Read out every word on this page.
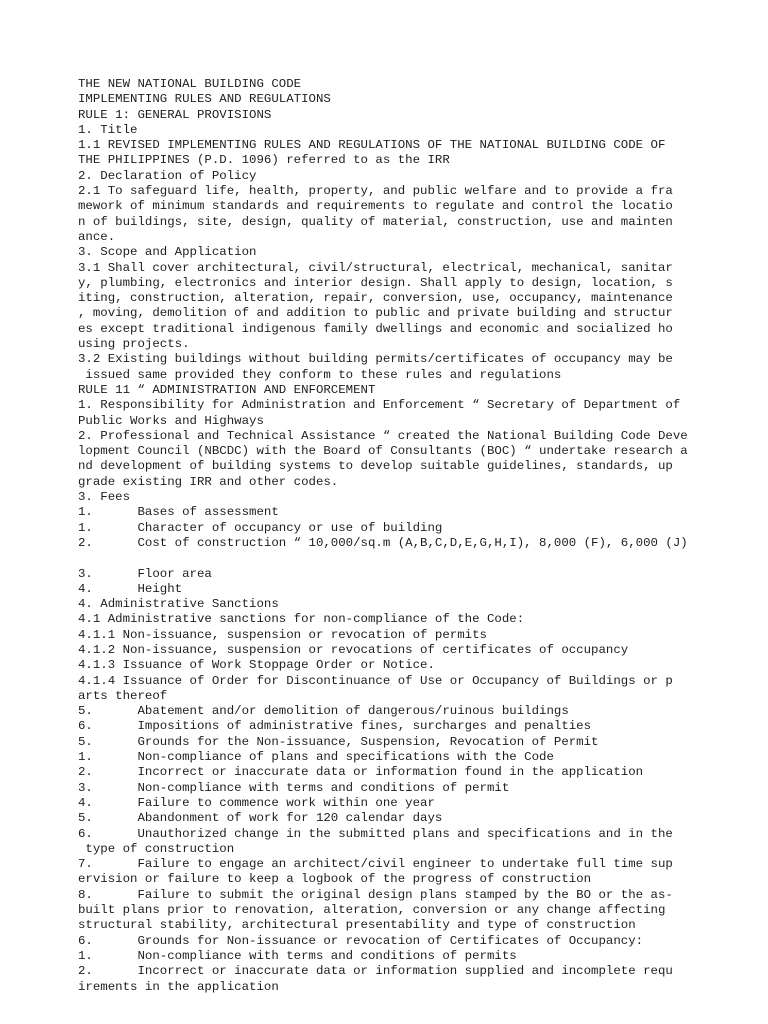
THE NEW NATIONAL BUILDING CODE
IMPLEMENTING RULES AND REGULATIONS
RULE 1: GENERAL PROVISIONS
1. Title
1.1 REVISED IMPLEMENTING RULES AND REGULATIONS OF THE NATIONAL BUILDING CODE OF
THE PHILIPPINES (P.D. 1096) referred to as the IRR
2. Declaration of Policy
2.1 To safeguard life, health, property, and public welfare and to provide a fra
mework of minimum standards and requirements to regulate and control the locatio
n of buildings, site, design, quality of material, construction, use and mainten
ance.
3. Scope and Application
3.1 Shall cover architectural, civil/structural, electrical, mechanical, sanitar
y, plumbing, electronics and interior design. Shall apply to design, location, s
iting, construction, alteration, repair, conversion, use, occupancy, maintenance
, moving, demolition of and addition to public and private building and structur
es except traditional indigenous family dwellings and economic and socialized ho
using projects.
3.2 Existing buildings without building permits/certificates of occupancy may be
issued same provided they conform to these rules and regulations
RULE 11 “ ADMINISTRATION AND ENFORCEMENT
1. Responsibility for Administration and Enforcement “ Secretary of Department of
Public Works and Highways
2. Professional and Technical Assistance “ created the National Building Code Deve
lopment Council (NBCDC) with the Board of Consultants (BOC) “ undertake research a
nd development of building systems to develop suitable guidelines, standards, up
grade existing IRR and other codes.
3. Fees
1.      Bases of assessment
1.      Character of occupancy or use of building
2.      Cost of construction “ 10,000/sq.m (A,B,C,D,E,G,H,I), 8,000 (F), 6,000 (J)
3.      Floor area
4.      Height
4. Administrative Sanctions
4.1 Administrative sanctions for non-compliance of the Code:
4.1.1 Non-issuance, suspension or revocation of permits
4.1.2 Non-issuance, suspension or revocations of certificates of occupancy
4.1.3 Issuance of Work Stoppage Order or Notice.
4.1.4 Issuance of Order for Discontinuance of Use or Occupancy of Buildings or p
arts thereof
5.      Abatement and/or demolition of dangerous/ruinous buildings
6.      Impositions of administrative fines, surcharges and penalties
5.      Grounds for the Non-issuance, Suspension, Revocation of Permit
1.      Non-compliance of plans and specifications with the Code
2.      Incorrect or inaccurate data or information found in the application
3.      Non-compliance with terms and conditions of permit
4.      Failure to commence work within one year
5.      Abandonment of work for 120 calendar days
6.      Unauthorized change in the submitted plans and specifications and in the
type of construction
7.      Failure to engage an architect/civil engineer to undertake full time sup
ervision or failure to keep a logbook of the progress of construction
8.      Failure to submit the original design plans stamped by the BO or the as-
built plans prior to renovation, alteration, conversion or any change affecting
structural stability, architectural presentability and type of construction
6.      Grounds for Non-issuance or revocation of Certificates of Occupancy:
1.      Non-compliance with terms and conditions of permits
2.      Incorrect or inaccurate data or information supplied and incomplete requ
irements in the application
